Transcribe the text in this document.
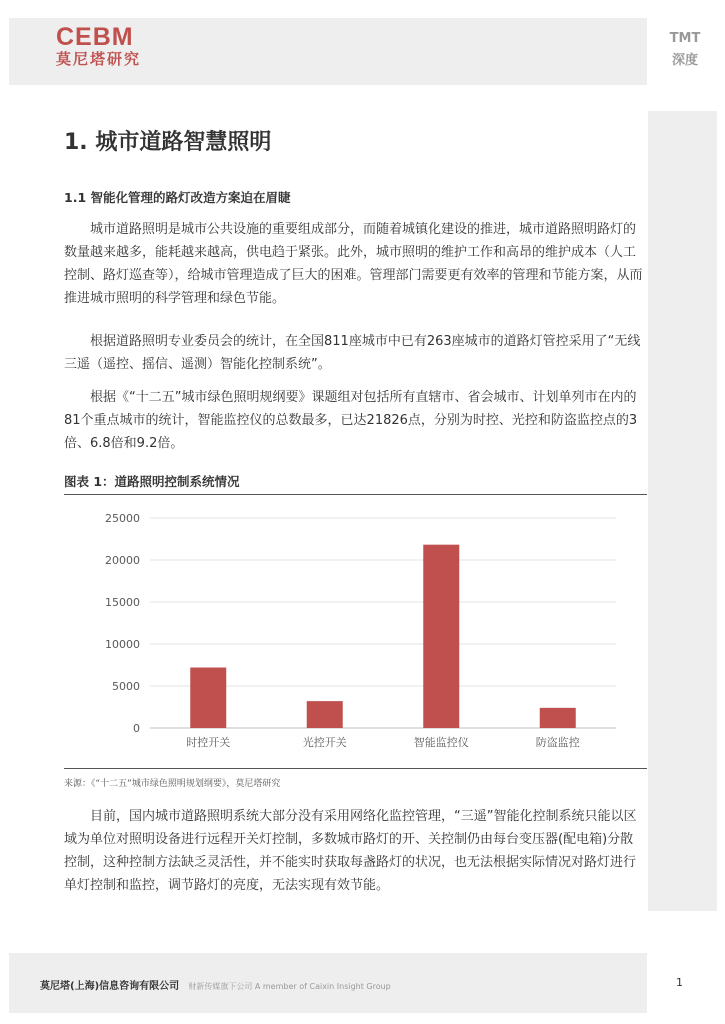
CEBM
莫尼塔研究
TMT
深度
1. 城市道路智慧照明
1.1 智能化管理的路灯改造方案迫在眉睫

城市道路照明是城市公共设施的重要组成部分，而随着城镇化建设的推进，城市道路照明路灯的数量越来越多，能耗越来越高，供电趋于紧张。此外，城市照明的维护工作和高昂的维护成本（人工控制、路灯巡查等），给城市管理造成了巨大的困难。管理部门需要更有效率的管理和节能方案，从而推进城市照明的科学管理和绿色节能。

根据道路照明专业委员会的统计，在全国811座城市中已有263座城市的道路灯管控采用了“无线三遥（遥控、摇信、遥测）智能化控制系统”。

根据《“十二五”城市绿色照明规纲要》课题组对包括所有直辖市、省会城市、计划单列市在内的81个重点城市的统计，智能监控仪的总数最多，已达21826点，分别为时控、光控和防盗监控点的3倍、6.8倍和9.2倍。

图表 1：道路照明控制系统情况
0
5000
10000
15000
20000
25000
时控开关	光控开关	智能监控仪	防盗监控
来源：《“十二五”城市绿色照明规划纲要》，莫尼塔研究

目前，国内城市道路照明系统大部分没有采用网络化监控管理，“三遥”智能化控制系统只能以区域为单位对照明设备进行远程开关灯控制，多数城市路灯的开、关控制仍由每台变压器(配电箱)分散控制，这种控制方法缺乏灵活性，并不能实时获取每盏路灯的状况，也无法根据实际情况对路灯进行单灯控制和监控，调节路灯的亮度，无法实现有效节能。

莫尼塔(上海)信息咨询有限公司 财新传媒旗下公司 A member of Caixin Insight Group	1
